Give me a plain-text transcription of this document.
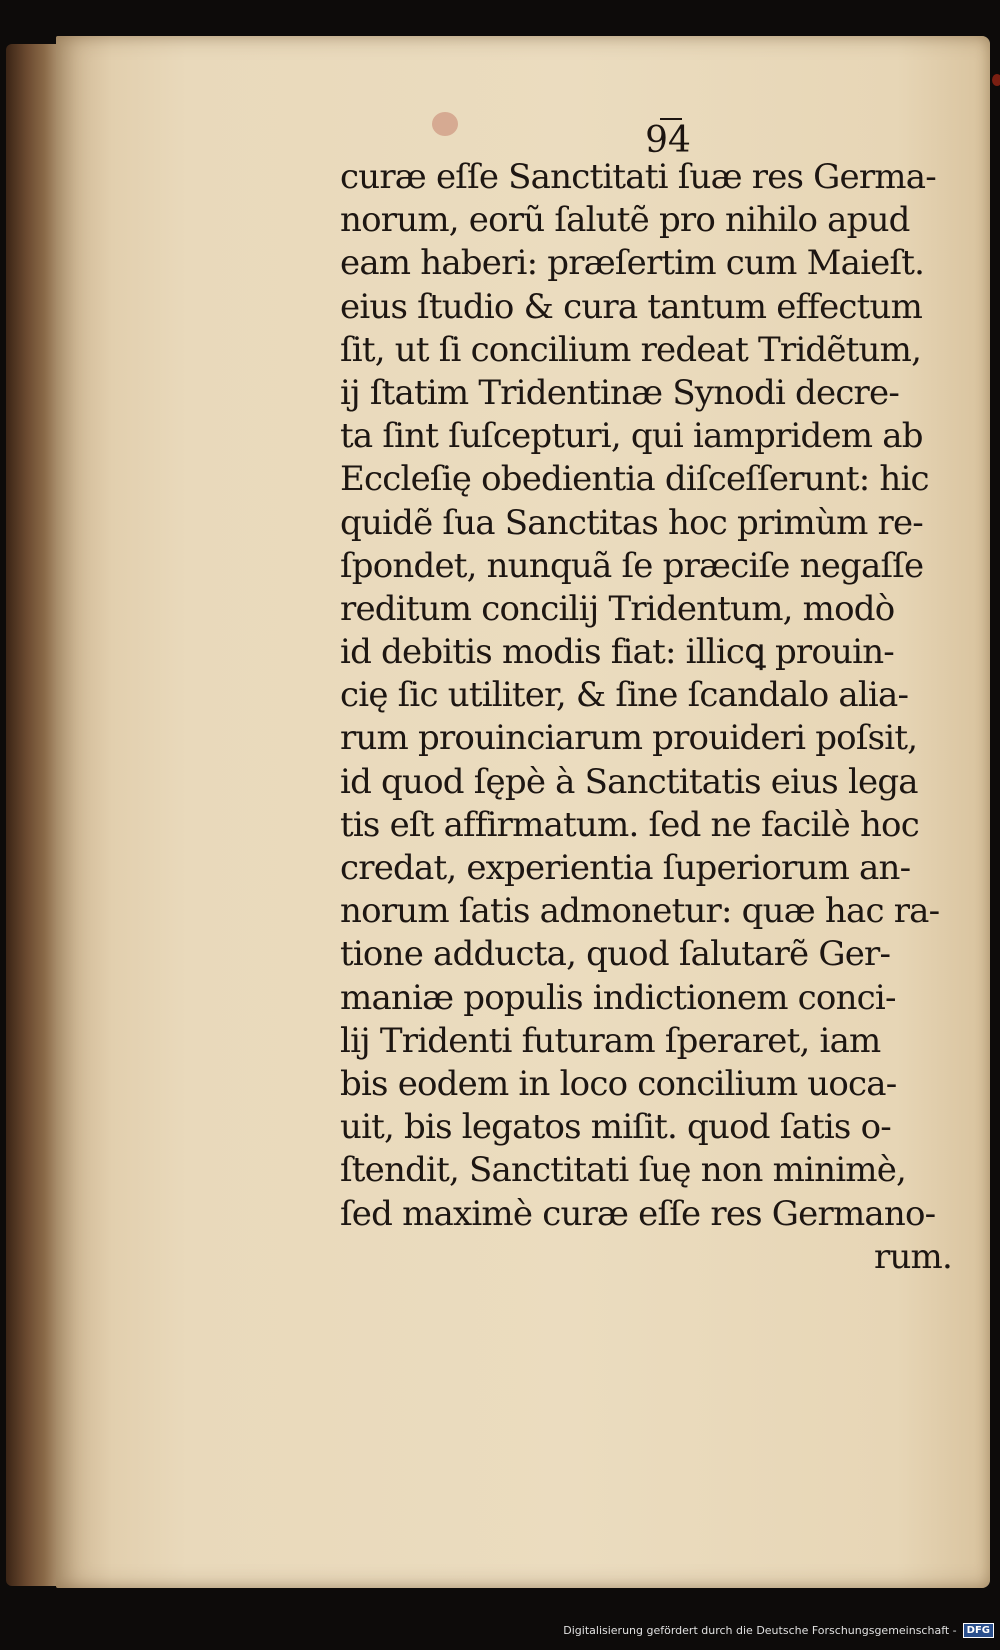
94
curæ eſſe Sanctitati ſuæ res Germa-
norum, eorũ ſalutẽ pro nihilo apud
eam haberi: præſertim cum Maieſt.
eius ſtudio & cura tantum effectum
ſit, ut ſi concilium redeat Tridẽtum,
ij ſtatim Tridentinæ Synodi decre-
ta ſint ſuſcepturi, qui iampridem ab
Eccleſię obedientia diſceſſerunt: hic
quidẽ ſua Sanctitas hoc primùm re-
ſpondet, nunquã ſe præciſe negaſſe
reditum concilij Tridentum, modò
id debitis modis fiat: illicꝗ prouin-
cię ſic utiliter, & ſine ſcandalo alia-
rum prouinciarum prouideri poſsit,
id quod ſępè à Sanctitatis eius lega
tis eſt affirmatum. ſed ne facilè hoc
credat, experientia ſuperiorum an-
norum ſatis admonetur: quæ hac ra-
tione adducta, quod ſalutarẽ Ger-
maniæ populis indictionem conci-
lij Tridenti futuram ſperaret, iam
bis eodem in loco concilium uoca-
uit, bis legatos miſit. quod ſatis o-
ſtendit, Sanctitati ſuę non minimè,
ſed maximè curæ eſſe res Germano-
rum.
Digitalisierung gefördert durch die Deutsche Forschungsgemeinschaft -	DFG
